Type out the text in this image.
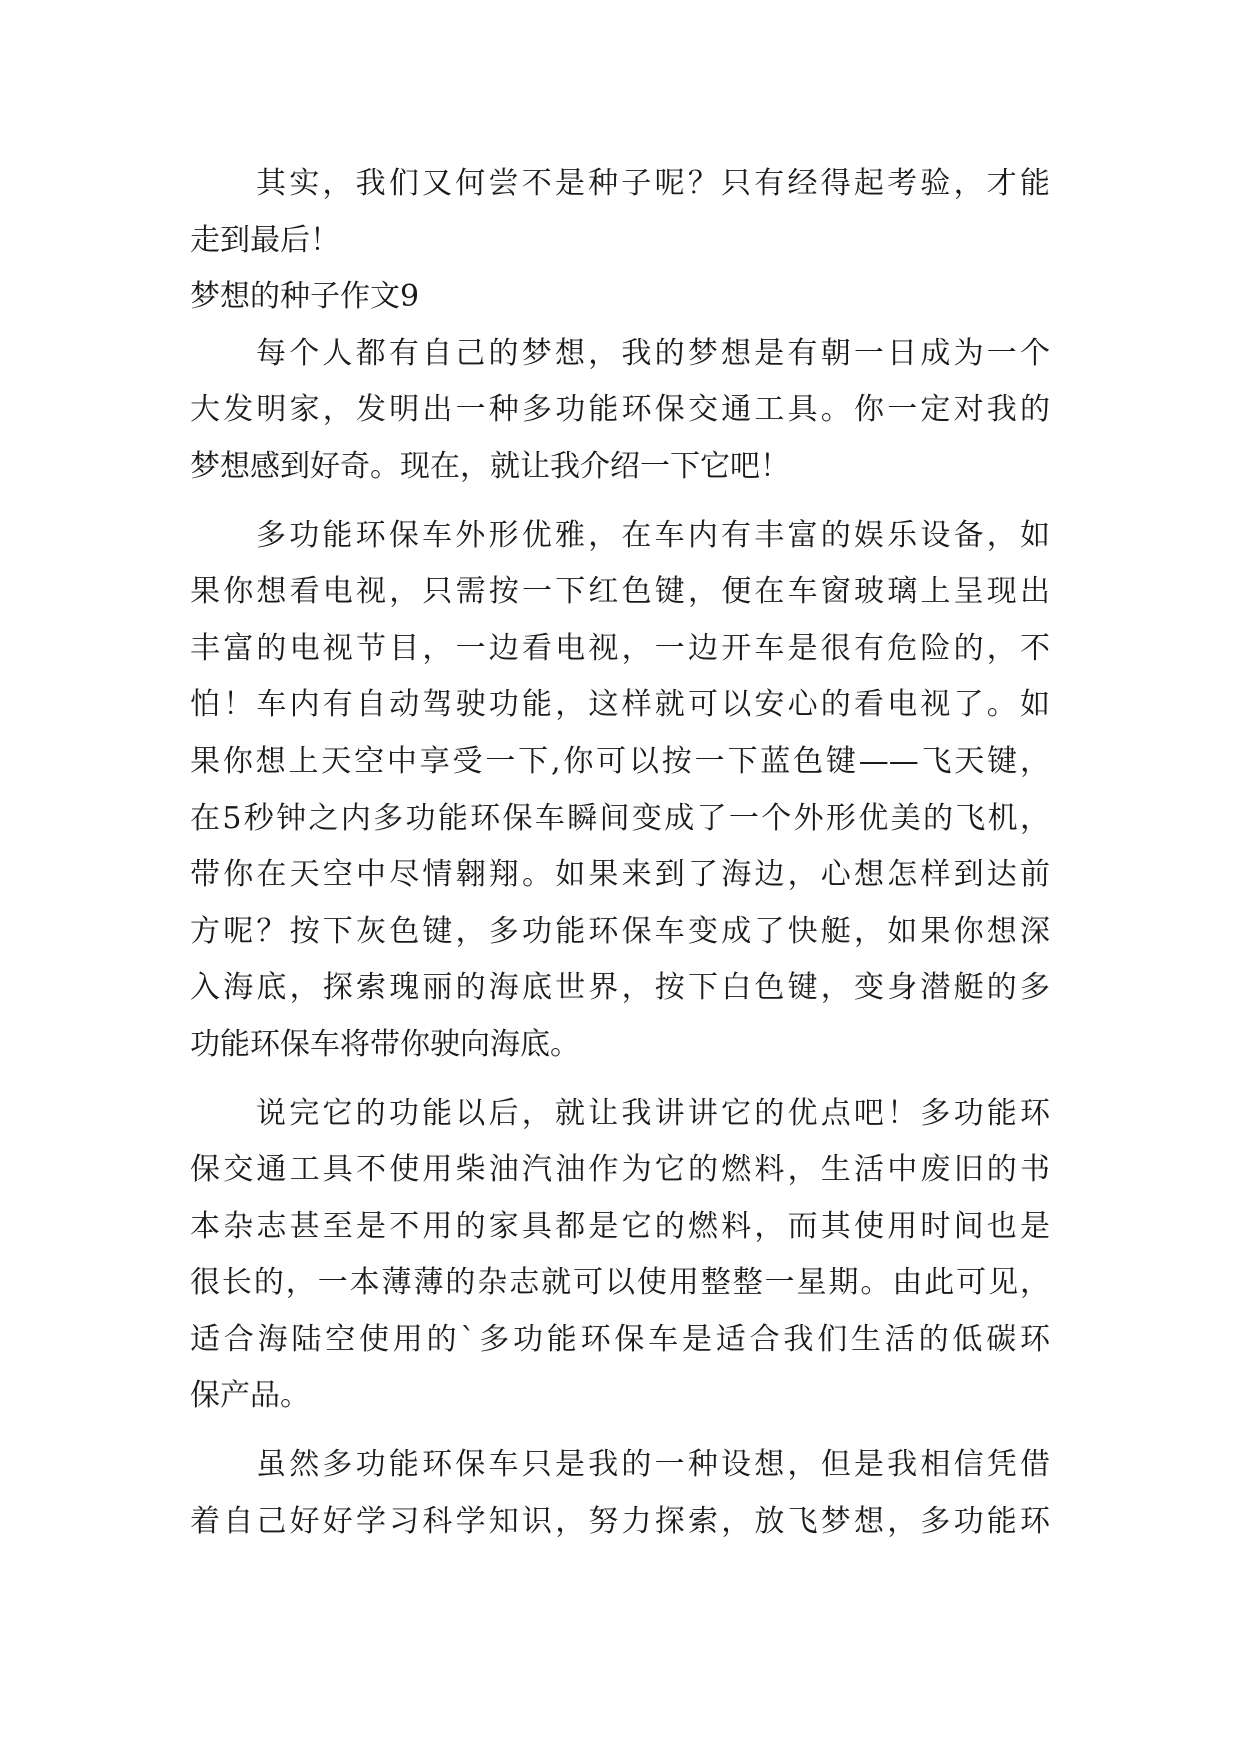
其实，我们又何尝不是种子呢？只有经得起考验，才能
走到最后！
梦想的种子作文9
每个人都有自己的梦想，我的梦想是有朝一日成为一个
大发明家，发明出一种多功能环保交通工具。你一定对我的
梦想感到好奇。现在，就让我介绍一下它吧！
多功能环保车外形优雅，在车内有丰富的娱乐设备，如
果你想看电视，只需按一下红色键，便在车窗玻璃上呈现出
丰富的电视节目，一边看电视，一边开车是很有危险的，不
怕！车内有自动驾驶功能，这样就可以安心的看电视了。如
果你想上天空中享受一下,你可以按一下蓝色键——飞天键，
在5秒钟之内多功能环保车瞬间变成了一个外形优美的飞机，
带你在天空中尽情翱翔。如果来到了海边，心想怎样到达前
方呢？按下灰色键，多功能环保车变成了快艇，如果你想深
入海底，探索瑰丽的海底世界，按下白色键，变身潜艇的多
功能环保车将带你驶向海底。
说完它的功能以后，就让我讲讲它的优点吧！多功能环
保交通工具不使用柴油汽油作为它的燃料，生活中废旧的书
本杂志甚至是不用的家具都是它的燃料，而其使用时间也是
很长的，一本薄薄的杂志就可以使用整整一星期。由此可见，
适合海陆空使用的`多功能环保车是适合我们生活的低碳环
保产品。
虽然多功能环保车只是我的一种设想，但是我相信凭借
着自己好好学习科学知识，努力探索，放飞梦想，多功能环
